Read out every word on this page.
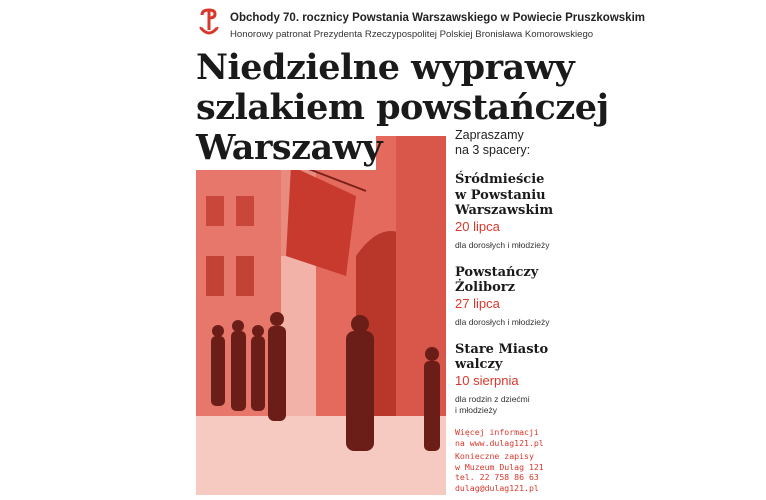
Obchody 70. rocznicy Powstania Warszawskiego w Powiecie Pruszkowskim
Honorowy patronat Prezydenta Rzeczypospolitej Polskiej Bronisława Komorowskiego
Niedzielne wyprawy
szlakiem powstańczej
Warszawy	Zapraszamy
na 3 spacery:
Śródmieście
w Powstaniu
Warszawskim
20 lipca
dla dorosłych i młodzieży
Powstańczy
Żoliborz
27 lipca
dla dorosłych i młodzieży
Stare Miasto
walczy
10 sierpnia
dla rodzin z dziećmi
i młodzieży
Więcej informacji
na www.dulag121.pl
Konieczne zapisy
w Muzeum Dulag 121
tel. 22 758 86 63
dulag@dulag121.pl
